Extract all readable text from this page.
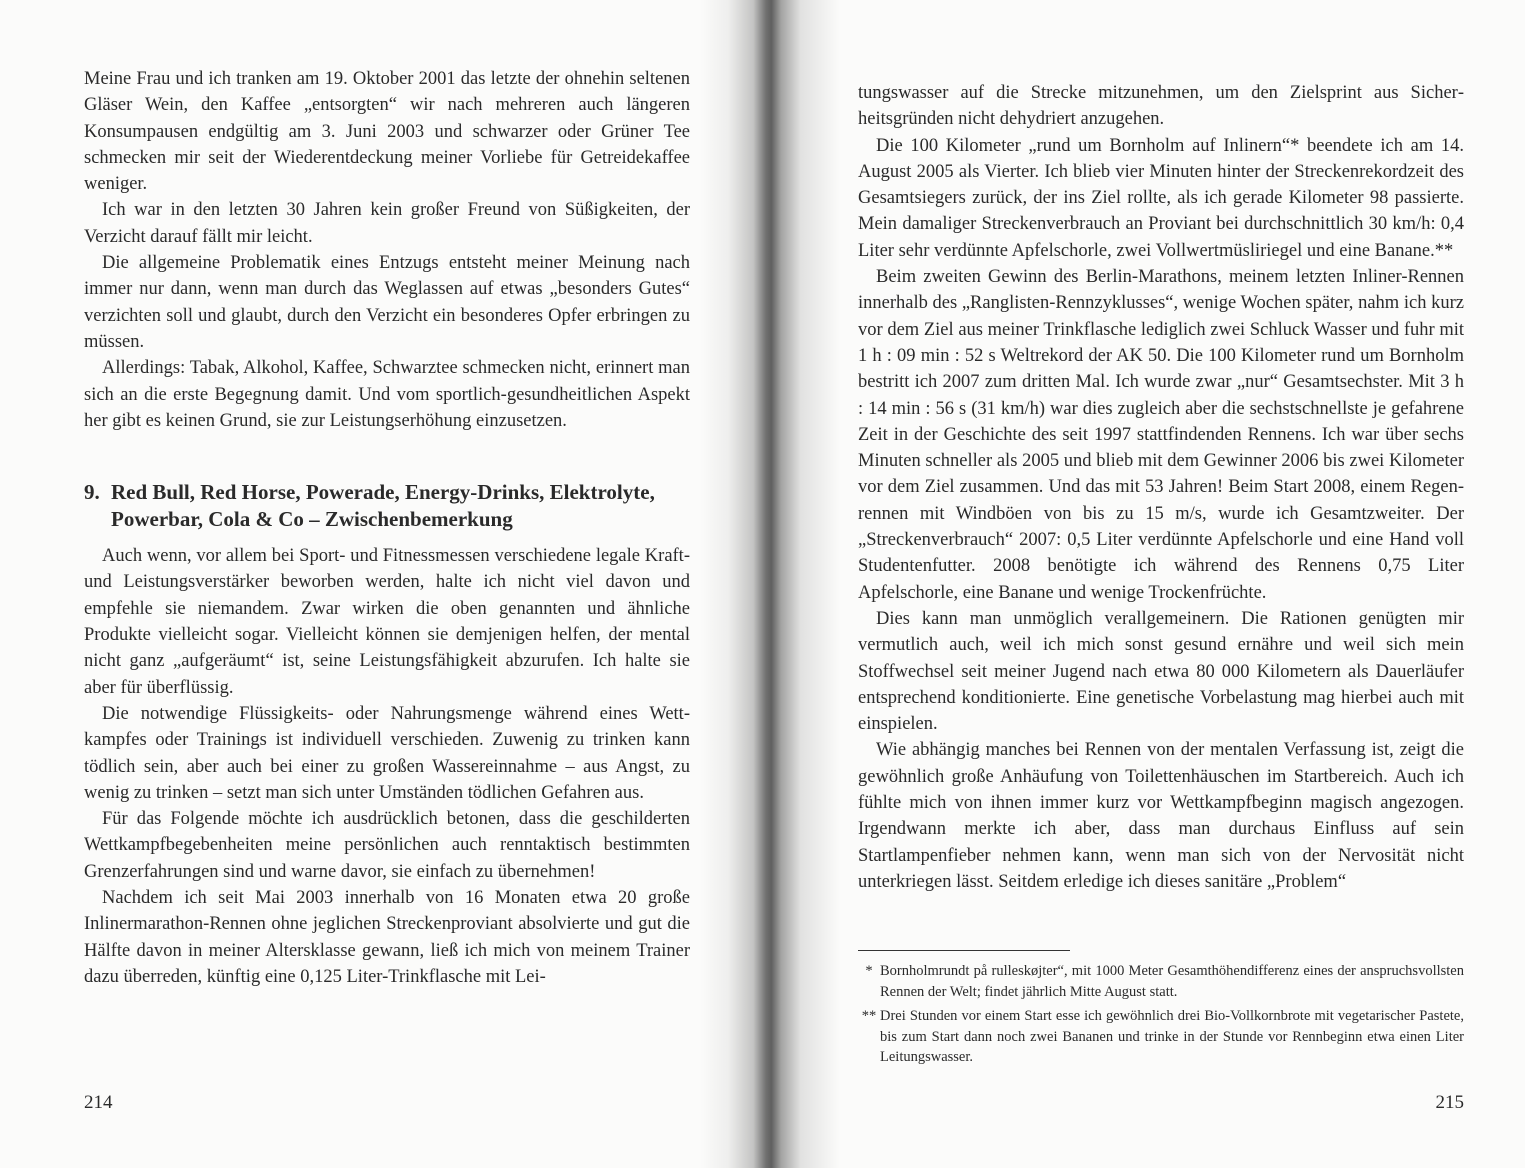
Meine Frau und ich tranken am 19. Oktober 2001 das letzte der ohnehin seltenen Gläser Wein, den Kaffee „entsorgten“ wir nach mehreren auch längeren Konsumpausen endgültig am 3. Juni 2003 und schwarzer oder Grüner Tee schmecken mir seit der Wiederentdeckung meiner Vorliebe für Getreidekaffee weniger.

Ich war in den letzten 30 Jahren kein großer Freund von Süßigkeiten, der Verzicht darauf fällt mir leicht.

Die allgemeine Problematik eines Entzugs entsteht meiner Meinung nach immer nur dann, wenn man durch das Weglassen auf etwas „besonders Gutes“ verzichten soll und glaubt, durch den Verzicht ein besonderes Opfer erbringen zu müssen.

Allerdings: Tabak, Alkohol, Kaffee, Schwarztee schmecken nicht, erinnert man sich an die erste Begegnung damit. Und vom sportlich-gesundheitlichen Aspekt her gibt es keinen Grund, sie zur Leistungserhöhung einzusetzen.

9. Red Bull, Red Horse, Powerade, Energy-Drinks, Elektrolyte, Powerbar, Cola & Co – Zwischenbemerkung

Auch wenn, vor allem bei Sport- und Fitnessmessen verschiedene legale Kraft- und Leistungsverstärker beworben werden, halte ich nicht viel davon und empfehle sie niemandem. Zwar wirken die oben genannten und ähnliche Produkte vielleicht sogar. Vielleicht können sie demjenigen helfen, der mental nicht ganz „aufgeräumt“ ist, seine Leistungsfähigkeit abzurufen. Ich halte sie aber für überflüssig.

Die notwendige Flüssigkeits- oder Nahrungsmenge während eines Wettkampfes oder Trainings ist individuell verschieden. Zuwenig zu trinken kann tödlich sein, aber auch bei einer zu großen Wassereinnahme – aus Angst, zu wenig zu trinken – setzt man sich unter Umständen tödlichen Gefahren aus.

Für das Folgende möchte ich ausdrücklich betonen, dass die geschilderten Wettkampfbegebenheiten meine persönlichen auch renntaktisch bestimmten Grenzerfahrungen sind und warne davor, sie einfach zu übernehmen!

Nachdem ich seit Mai 2003 innerhalb von 16 Monaten etwa 20 große Inlinermarathon-Rennen ohne jeglichen Streckenproviant absolvierte und gut die Hälfte davon in meiner Altersklasse gewann, ließ ich mich von meinem Trainer dazu überreden, künftig eine 0,125 Liter-Trinkflasche mit Lei-

214

tungswasser auf die Strecke mitzunehmen, um den Zielsprint aus Sicherheitsgründen nicht dehydriert anzugehen.

Die 100 Kilometer „rund um Bornholm auf Inlinern“* beendete ich am 14. August 2005 als Vierter. Ich blieb vier Minuten hinter der Streckenrekordzeit des Gesamtsiegers zurück, der ins Ziel rollte, als ich gerade Kilometer 98 passierte. Mein damaliger Streckenverbrauch an Proviant bei durchschnittlich 30 km/h: 0,4 Liter sehr verdünnte Apfelschorle, zwei Vollwertmüsliriegel und eine Banane.**

Beim zweiten Gewinn des Berlin-Marathons, meinem letzten Inliner-Rennen innerhalb des „Ranglisten-Rennzyklusses“, wenige Wochen später, nahm ich kurz vor dem Ziel aus meiner Trinkflasche lediglich zwei Schluck Wasser und fuhr mit 1 h : 09 min : 52 s Weltrekord der AK 50. Die 100 Kilometer rund um Bornholm bestritt ich 2007 zum dritten Mal. Ich wurde zwar „nur“ Gesamtsechster. Mit 3 h : 14 min : 56 s (31 km/h) war dies zugleich aber die sechstschnellste je gefahrene Zeit in der Geschichte des seit 1997 stattfindenden Rennens. Ich war über sechs Minuten schneller als 2005 und blieb mit dem Gewinner 2006 bis zwei Kilometer vor dem Ziel zusammen. Und das mit 53 Jahren! Beim Start 2008, einem Regenrennen mit Windböen von bis zu 15 m/s, wurde ich Gesamtzweiter. Der „Streckenverbrauch“ 2007: 0,5 Liter verdünnte Apfelschorle und eine Hand voll Studentenfutter. 2008 benötigte ich während des Rennens 0,75 Liter Apfelschorle, eine Banane und wenige Trockenfrüchte.

Dies kann man unmöglich verallgemeinern. Die Rationen genügten mir vermutlich auch, weil ich mich sonst gesund ernähre und weil sich mein Stoffwechsel seit meiner Jugend nach etwa 80 000 Kilometern als Dauerläufer entsprechend konditionierte. Eine genetische Vorbelastung mag hierbei auch mit einspielen.

Wie abhängig manches bei Rennen von der mentalen Verfassung ist, zeigt die gewöhnlich große Anhäufung von Toilettenhäuschen im Startbereich. Auch ich fühlte mich von ihnen immer kurz vor Wettkampfbeginn magisch angezogen. Irgendwann merkte ich aber, dass man durchaus Einfluss auf sein Startlampenfieber nehmen kann, wenn man sich von der Nervosität nicht unterkriegen lässt. Seitdem erledige ich dieses sanitäre „Problem“

* Bornholmrundt på rulleskøjter“, mit 1000 Meter Gesamthöhendifferenz eines der anspruchsvollsten Rennen der Welt; findet jährlich Mitte August statt.
** Drei Stunden vor einem Start esse ich gewöhnlich drei Bio-Vollkornbrote mit vegetarischer Pastete, bis zum Start dann noch zwei Bananen und trinke in der Stunde vor Rennbeginn etwa einen Liter Leitungswasser.
215
